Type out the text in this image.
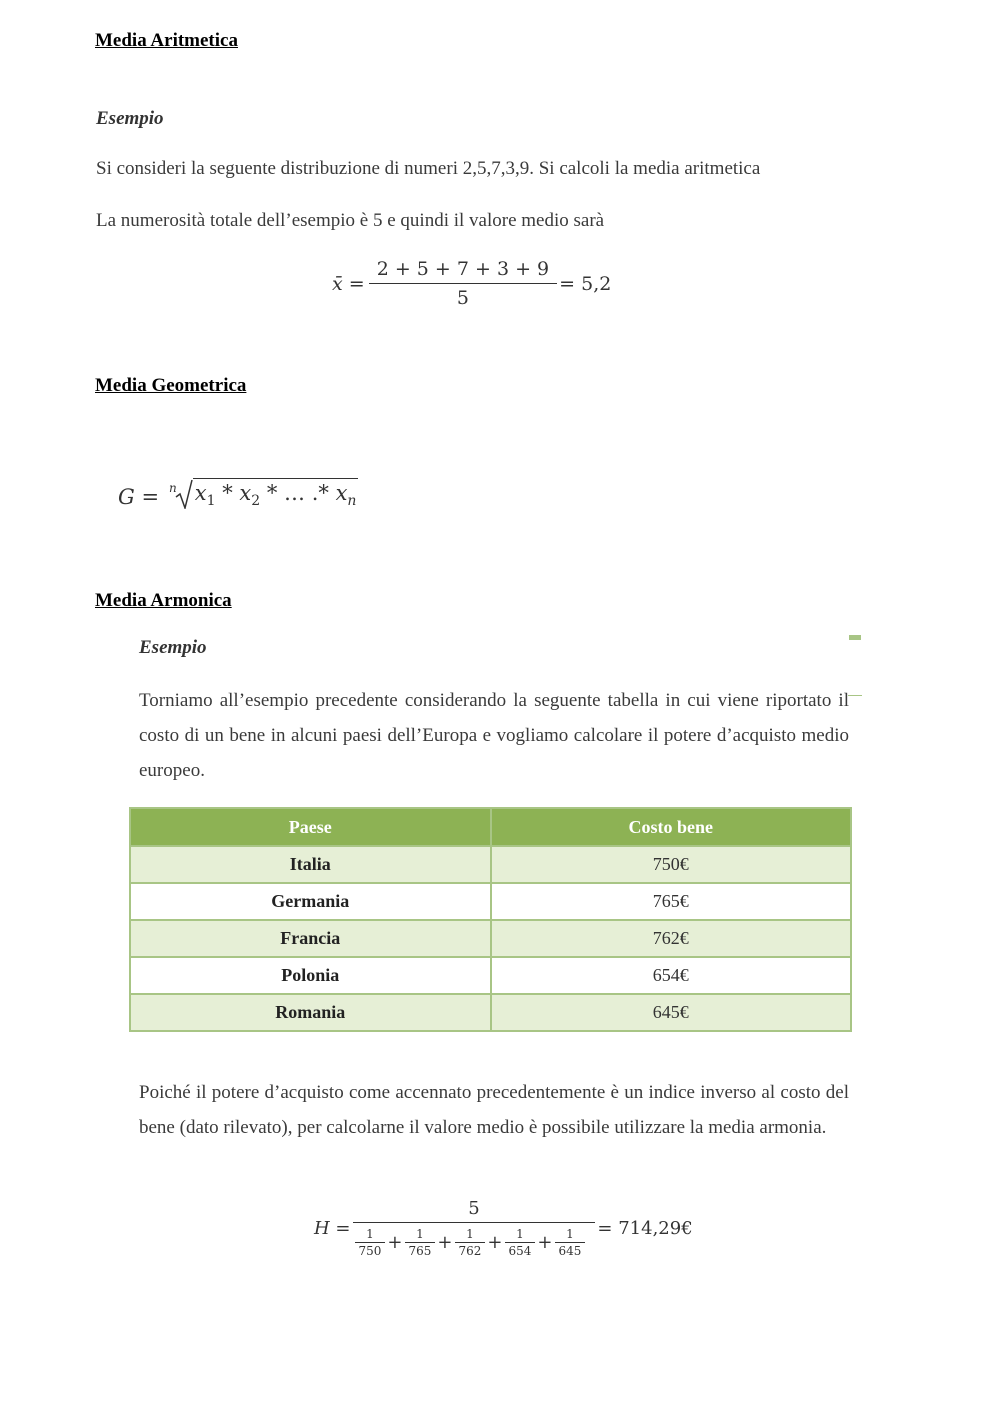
Media Aritmetica
Esempio
Si consideri la seguente distribuzione di numeri 2,5,7,3,9. Si calcoli la media aritmetica
La numerosità totale dell’esempio è 5 e quindi il valore medio sarà
x̄ = $\frac{2 + 5 + 7 + 3 + 9}{5} = 5,2$
Media Geometrica
G = n $x_1 * x_2$ * … .* $x_n$
Media Armonica
Esempio
Torniamo all’esempio precedente considerando la seguente tabella in cui viene riportato il costo di un bene in alcuni paesi dell’Europa e vogliamo calcolare il potere d’acquisto medio europeo.
Paese	Costo bene
Italia	750€
Germania	765€
Francia	762€
Polonia	654€
Romania	645€
Poiché il potere d’acquisto come accennato precedentemente è un indice inverso al costo del bene (dato rilevato), per calcolarne il valore medio è possibile utilizzare la media armonia.
H =
5
$\frac{1}{750} + \frac{1}{765} + \frac{1}{762} + \frac{1}{654} + \frac{1}{645}$ = 714,29€
